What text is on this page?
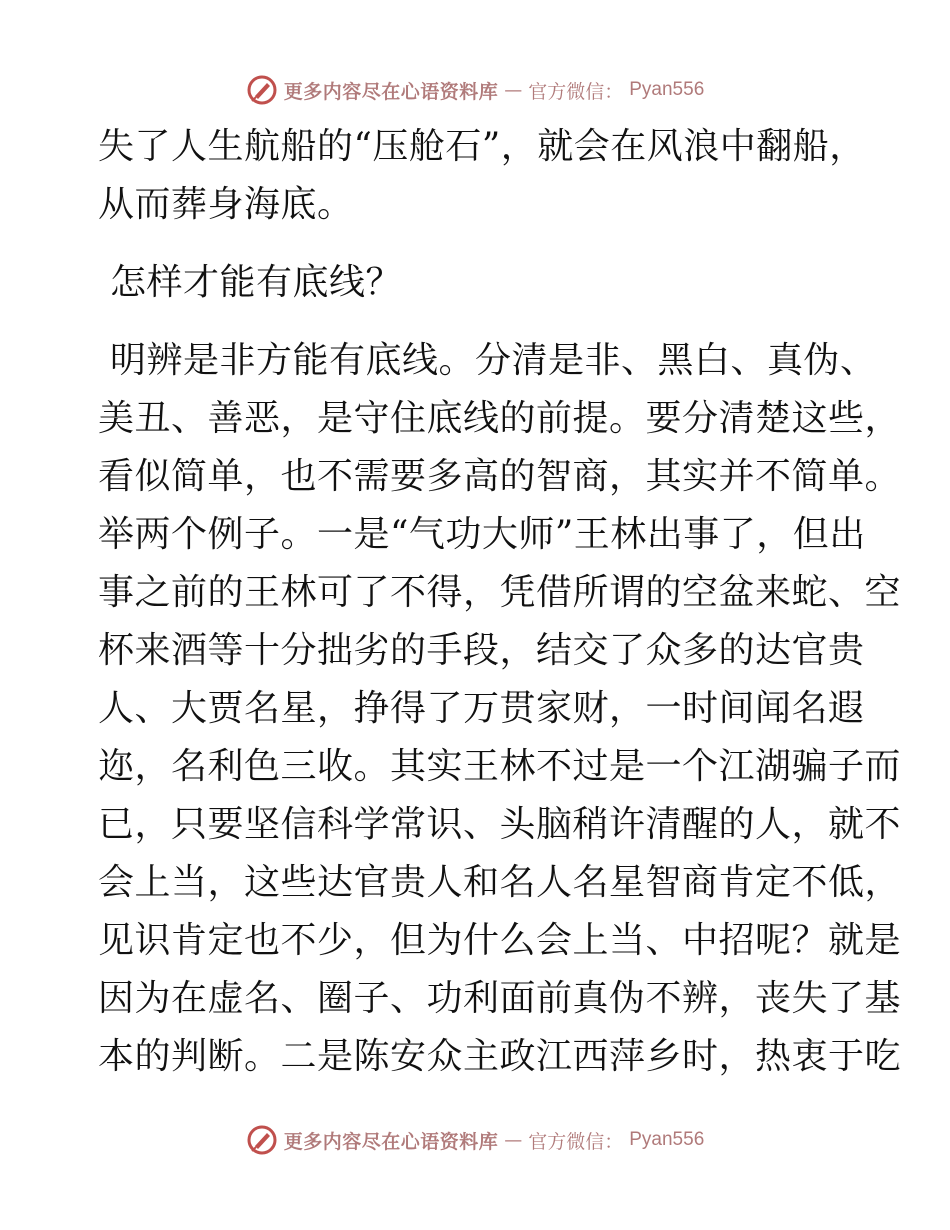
更多内容尽在心语资料库 — 官方微信： Pyan556
失了人生航船的“压舱石”，就会在风浪中翻船，
从而葬身海底。
怎样才能有底线？
明辨是非方能有底线。分清是非、黑白、真伪、
美丑、善恶，是守住底线的前提。要分清楚这些，
看似简单，也不需要多高的智商，其实并不简单。
举两个例子。一是“气功大师”王林出事了，但出
事之前的王林可了不得，凭借所谓的空盆来蛇、空
杯来酒等十分拙劣的手段，结交了众多的达官贵
人、大贾名星，挣得了万贯家财，一时间闻名遐
迩，名利色三收。其实王林不过是一个江湖骗子而
已，只要坚信科学常识、头脑稍许清醒的人，就不
会上当，这些达官贵人和名人名星智商肯定不低，
见识肯定也不少，但为什么会上当、中招呢？就是
因为在虚名、圈子、功利面前真伪不辨，丧失了基
本的判断。二是陈安众主政江西萍乡时，热衷于吃
更多内容尽在心语资料库 — 官方微信： Pyan556
